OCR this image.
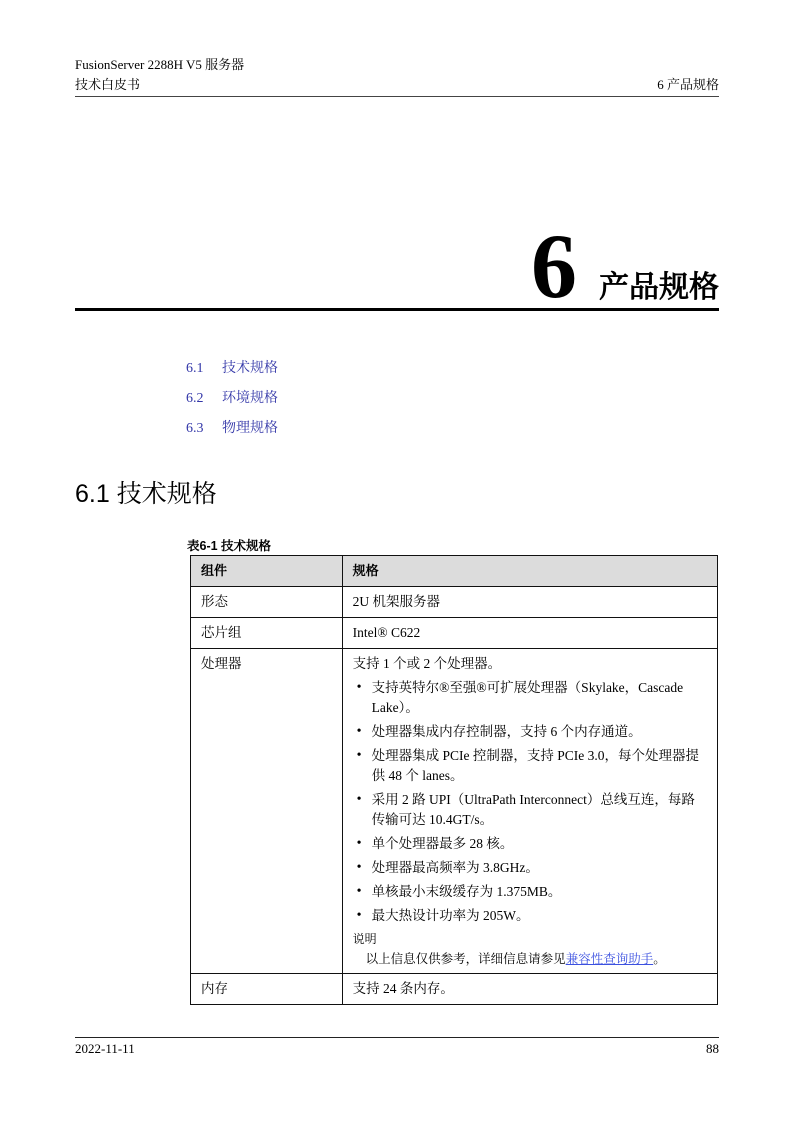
FusionServer 2288H V5 服务器
技术白皮书	6 产品规格
6 产品规格
6.1 技术规格
6.2 环境规格
6.3 物理规格
6.1 技术规格
表6-1 技术规格
组件	规格
形态	2U 机架服务器
芯片组	Intel® C622
处理器	支持 1 个或 2 个处理器。
• 支持英特尔®至强®可扩展处理器（Skylake，Cascade Lake）。
• 处理器集成内存控制器，支持 6 个内存通道。
• 处理器集成 PCIe 控制器，支持 PCIe 3.0，每个处理器提供 48 个 lanes。
• 采用 2 路 UPI（UltraPath Interconnect）总线互连，每路传输可达 10.4GT/s。
• 单个处理器最多 28 核。
• 处理器最高频率为 3.8GHz。
• 单核最小末级缓存为 1.375MB。
• 最大热设计功率为 205W。
说明
以上信息仅供参考，详细信息请参见兼容性查询助手。

内存	支持 24 条内存。
2022-11-11	88
